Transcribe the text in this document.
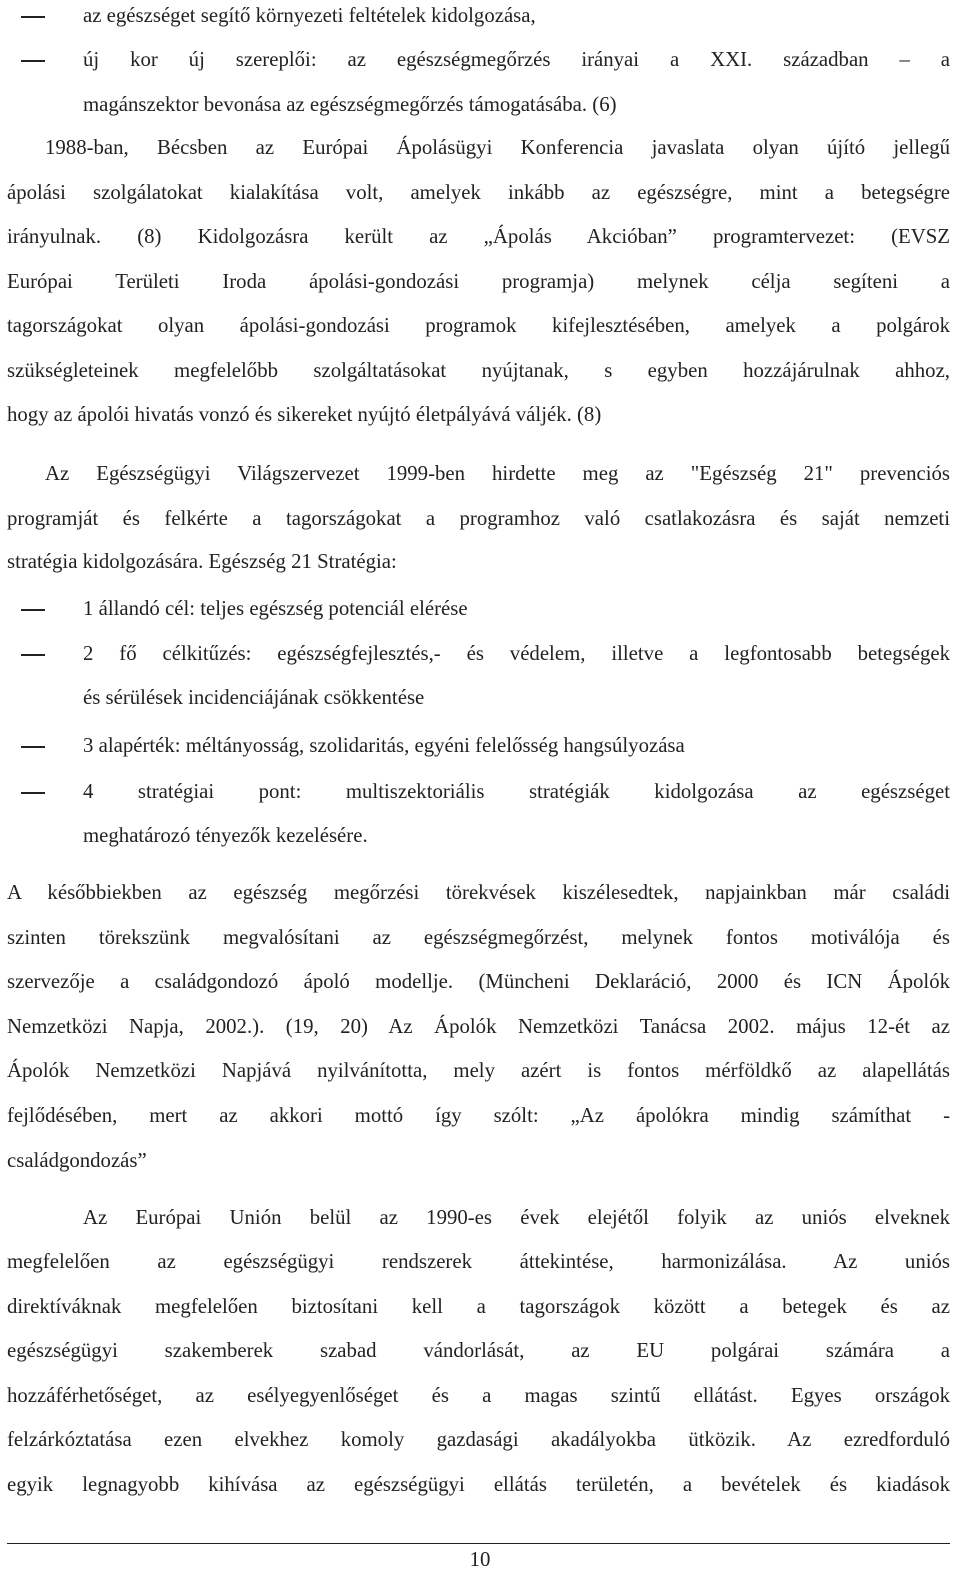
az egészséget segítő környezeti feltételek kidolgozása,
új kor új szereplői: az egészségmegőrzés irányai a XXI. században – a
magánszektor bevonása az egészségmegőrzés támogatásába. (6)
1988-ban, Bécsben az Európai Ápolásügyi Konferencia javaslata olyan újító jellegű
ápolási szolgálatokat kialakítása volt, amelyek inkább az egészségre, mint a betegségre
irányulnak. (8) Kidolgozásra került az „Ápolás Akcióban” programtervezet: (EVSZ
Európai Területi Iroda ápolási-gondozási programja) melynek célja segíteni a
tagországokat olyan ápolási-gondozási programok kifejlesztésében, amelyek a polgárok
szükségleteinek megfelelőbb szolgáltatásokat nyújtanak, s egyben hozzájárulnak ahhoz,
hogy az ápolói hivatás vonzó és sikereket nyújtó életpályává váljék. (8)
Az Egészségügyi Világszervezet 1999-ben hirdette meg az "Egészség 21" prevenciós
programját és felkérte a tagországokat a programhoz való csatlakozásra és saját nemzeti
stratégia kidolgozására. Egészség 21 Stratégia:
1 állandó cél: teljes egészség potenciál elérése
2 fő célkitűzés: egészségfejlesztés,- és védelem, illetve a legfontosabb betegségek
és sérülések incidenciájának csökkentése
3 alapérték: méltányosság, szolidaritás, egyéni felelősség hangsúlyozása
4 stratégiai pont: multiszektoriális stratégiák kidolgozása az egészséget
meghatározó tényezők kezelésére.
A későbbiekben az egészség megőrzési törekvések kiszélesedtek, napjainkban már családi
szinten törekszünk megvalósítani az egészségmegőrzést, melynek fontos motiválója és
szervezője a családgondozó ápoló modellje. (Müncheni Deklaráció, 2000 és ICN Ápolók
Nemzetközi Napja, 2002.). (19, 20) Az Ápolók Nemzetközi Tanácsa 2002. május 12-ét az
Ápolók Nemzetközi Napjává nyilvánította, mely azért is fontos mérföldkő az alapellátás
fejlődésében, mert az akkori mottó így szólt: „Az ápolókra mindig számíthat -
családgondozás”
Az Európai Unión belül az 1990-es évek elejétől folyik az uniós elveknek
megfelelően az egészségügyi rendszerek áttekintése, harmonizálása. Az uniós
direktíváknak megfelelően biztosítani kell a tagországok között a betegek és az
egészségügyi szakemberek szabad vándorlását, az EU polgárai számára a
hozzáférhetőséget, az esélyegyenlőséget és a magas szintű ellátást. Egyes országok
felzárkóztatása ezen elvekhez komoly gazdasági akadályokba ütközik. Az ezredforduló
egyik legnagyobb kihívása az egészségügyi ellátás területén, a bevételek és kiadások
10
